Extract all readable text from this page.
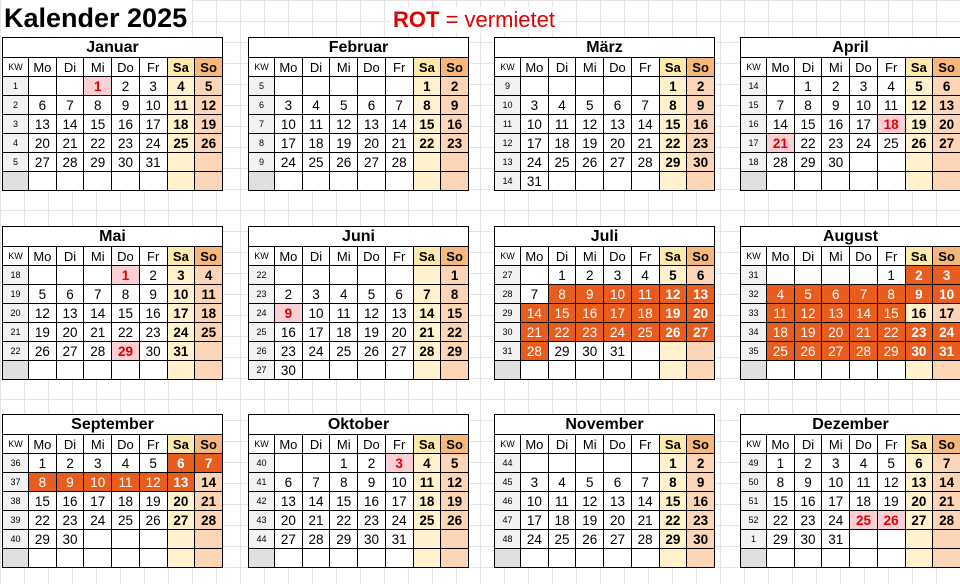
Kalender 2025	ROT = vermietet
Januar
KW	Mo	Di	Mi	Do	Fr	Sa	So
1			1	2	3	4	5
2	6	7	8	9	10	11	12
3	13	14	15	16	17	18	19
4	20	21	22	23	24	25	26
5	27	28	29	30	31		

Februar
KW	Mo	Di	Mi	Do	Fr	Sa	So
5						1	2
6	3	4	5	6	7	8	9
7	10	11	12	13	14	15	16
8	17	18	19	20	21	22	23
9	24	25	26	27	28		

März
KW	Mo	Di	Mi	Do	Fr	Sa	So
9						1	2
10	3	4	5	6	7	8	9
11	10	11	12	13	14	15	16
12	17	18	19	20	21	22	23
13	24	25	26	27	28	29	30
14	31						
April
KW	Mo	Di	Mi	Do	Fr	Sa	So
14		1	2	3	4	5	6
15	7	8	9	10	11	12	13
16	14	15	16	17	18	19	20
17	21	22	23	24	25	26	27
18	28	29	30				

Mai
KW	Mo	Di	Mi	Do	Fr	Sa	So
18				1	2	3	4
19	5	6	7	8	9	10	11
20	12	13	14	15	16	17	18
21	19	20	21	22	23	24	25
22	26	27	28	29	30	31	

Juni
KW	Mo	Di	Mi	Do	Fr	Sa	So
22							1
23	2	3	4	5	6	7	8
24	9	10	11	12	13	14	15
25	16	17	18	19	20	21	22
26	23	24	25	26	27	28	29
27	30						
Juli
KW	Mo	Di	Mi	Do	Fr	Sa	So
27		1	2	3	4	5	6
28	7	8	9	10	11	12	13
29	14	15	16	17	18	19	20
30	21	22	23	24	25	26	27
31	28	29	30	31			

August
KW	Mo	Di	Mi	Do	Fr	Sa	So
31					1	2	3
32	4	5	6	7	8	9	10
33	11	12	13	14	15	16	17
34	18	19	20	21	22	23	24
35	25	26	27	28	29	30	31

September
KW	Mo	Di	Mi	Do	Fr	Sa	So
36	1	2	3	4	5	6	7
37	8	9	10	11	12	13	14
38	15	16	17	18	19	20	21
39	22	23	24	25	26	27	28
40	29	30					

Oktober
KW	Mo	Di	Mi	Do	Fr	Sa	So
40			1	2	3	4	5
41	6	7	8	9	10	11	12
42	13	14	15	16	17	18	19
43	20	21	22	23	24	25	26
44	27	28	29	30	31		

November
KW	Mo	Di	Mi	Do	Fr	Sa	So
44						1	2
45	3	4	5	6	7	8	9
46	10	11	12	13	14	15	16
47	17	18	19	20	21	22	23
48	24	25	26	27	28	29	30

Dezember
KW	Mo	Di	Mi	Do	Fr	Sa	So
49	1	2	3	4	5	6	7
50	8	9	10	11	12	13	14
51	15	16	17	18	19	20	21
52	22	23	24	25	26	27	28
1	29	30	31				
